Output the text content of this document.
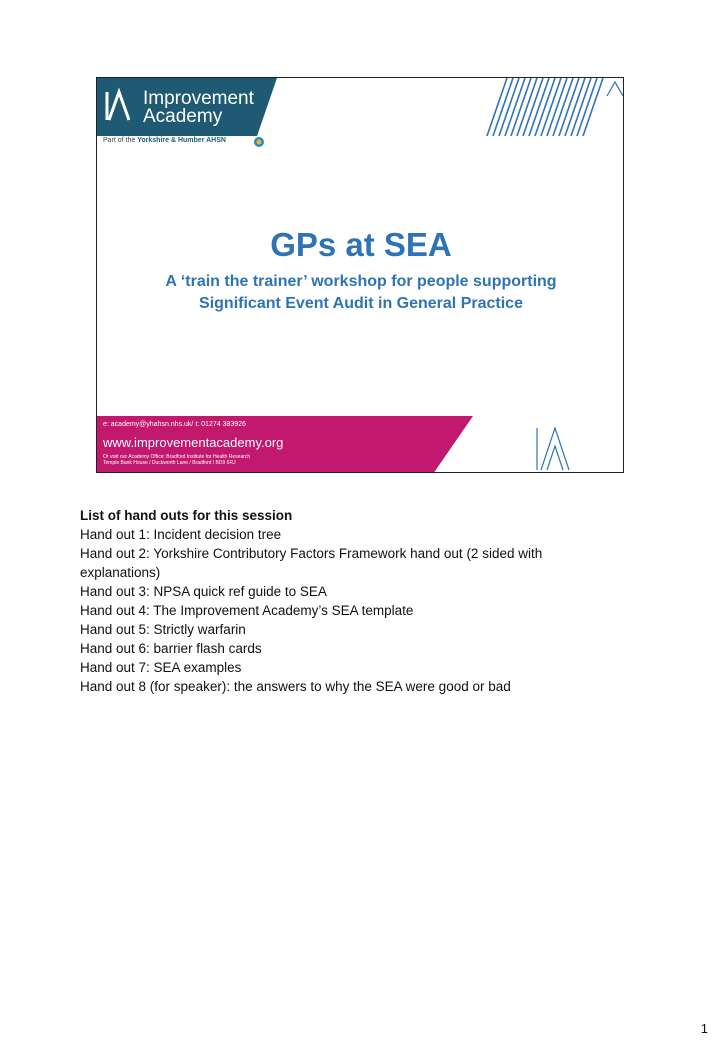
Improvement
Academy
Part of the Yorkshire & Humber AHSN
GPs at SEA
A ‘train the trainer’ workshop for people supporting
Significant Event Audit in General Practice
e: academy@yhahsn.nhs.uk/ t: 01274 383926
www.improvementacademy.org
Or visit our Academy Office: Bradford Institute for Health Research
Temple Bank House / Duckworth Lane / Bradford / BD9 6RJ
List of hand outs for this session
Hand out 1: Incident decision tree
Hand out 2: Yorkshire Contributory Factors Framework hand out (2 sided with
explanations)
Hand out 3: NPSA quick ref guide to SEA
Hand out 4: The Improvement Academy’s SEA template
Hand out 5: Strictly warfarin
Hand out 6: barrier flash cards
Hand out 7: SEA examples
Hand out 8 (for speaker): the answers to why the SEA were good or bad
1
